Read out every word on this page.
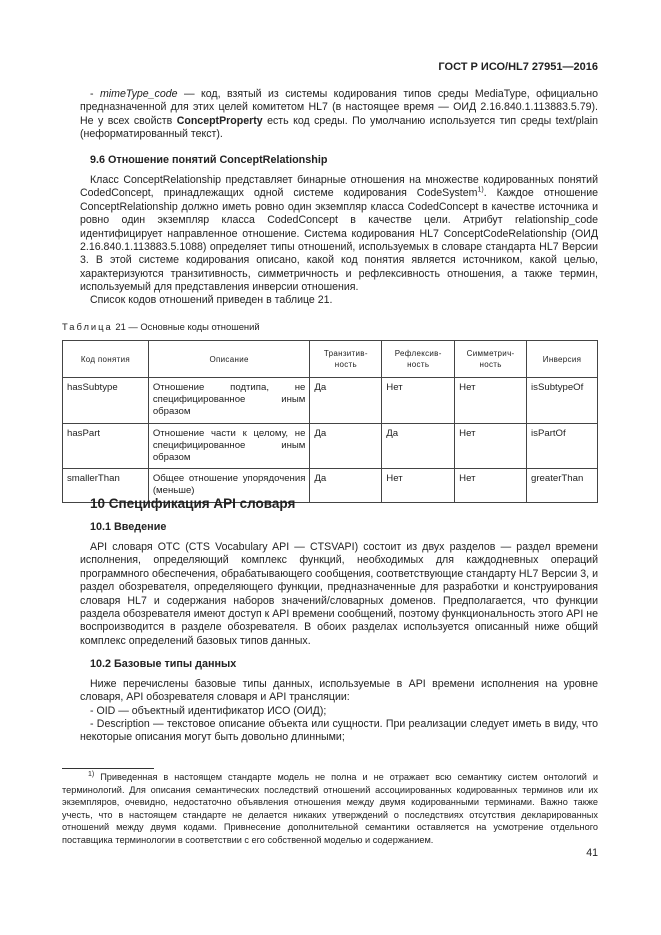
ГОСТ Р ИСО/HL7 27951—2016
- mimeType_code — код, взятый из системы кодирования типов среды MediaType, официально предназначенной для этих целей комитетом HL7 (в настоящее время — ОИД 2.16.840.1.113883.5.79). Не у всех свойств ConceptProperty есть код среды. По умолчанию используется тип среды text/plain (неформатированный текст).
9.6 Отношение понятий ConceptRelationship
Класс ConceptRelationship представляет бинарные отношения на множестве кодированных понятий CodedConcept, принадлежащих одной системе кодирования CodeSystem$^{1)}$. Каждое отношение ConceptRelationship должно иметь ровно один экземпляр класса CodedConcept в качестве источника и ровно один экземпляр класса CodedConcept в качестве цели. Атрибут relationship_code идентифицирует направленное отношение. Система кодирования HL7 ConceptCodeRelationship (ОИД 2.16.840.1.113883.5.1088) определяет типы отношений, используемых в словаре стандарта HL7 Версии 3. В этой системе кодирования описано, какой код понятия является источником, какой целью, характеризуются транзитивность, симметричность и рефлексивность отношения, а также термин, используемый для представления инверсии отношения.
Список кодов отношений приведен в таблице 21.
Таблица 21 — Основные коды отношений
Код понятия	Описание	Транзитив-ность	Рефлексив-ность	Симметрич-ность	Инверсия
hasSubtype	Отношение подтипа, не специфицированное иным образом	Да	Нет	Нет	isSubtypeOf
hasPart	Отношение части к целому, не специфицированное иным образом	Да	Да	Нет	isPartOf
smallerThan	Общее отношение упорядочения (меньше)	Да	Нет	Нет	greaterThan
10 Спецификация API словаря
10.1 Введение
API словаря ОТС (CTS Vocabulary API — CTSVAPI) состоит из двух разделов — раздел времени исполнения, определяющий комплекс функций, необходимых для каждодневных операций программного обеспечения, обрабатывающего сообщения, соответствующие стандарту HL7 Версии 3, и раздел обозревателя, определяющего функции, предназначенные для разработки и конструирования словаря HL7 и содержания наборов значений/словарных доменов. Предполагается, что функции раздела обозревателя имеют доступ к API времени сообщений, поэтому функциональность этого API не воспроизводится в разделе обозревателя. В обоих разделах используется описанный ниже общий комплекс определений базовых типов данных.
10.2 Базовые типы данных
Ниже перечислены базовые типы данных, используемые в API времени исполнения на уровне словаря, API обозревателя словаря и API трансляции:
- OID — объектный идентификатор ИСО (ОИД);
- Description — текстовое описание объекта или сущности. При реализации следует иметь в виду, что некоторые описания могут быть довольно длинными;
$^{1)}$ Приведенная в настоящем стандарте модель не полна и не отражает всю семантику систем онтологий и терминологий. Для описания семантических последствий отношений ассоциированных кодированных терминов или их экземпляров, очевидно, недостаточно объявления отношения между двумя кодированными терминами. Важно также учесть, что в настоящем стандарте не делается никаких утверждений о последствиях отсутствия декларированных отношений между двумя кодами. Привнесение дополнительной семантики оставляется на усмотрение отдельного поставщика терминологии в соответствии с его собственной моделью и содержанием.
41
